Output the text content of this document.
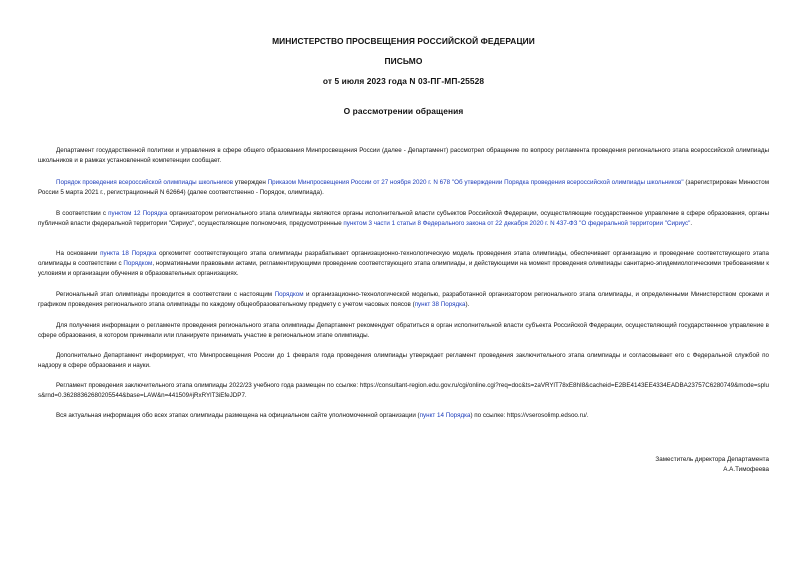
МИНИСТЕРСТВО ПРОСВЕЩЕНИЯ РОССИЙСКОЙ ФЕДЕРАЦИИ
ПИСЬМО
от 5 июля 2023 года N 03-ПГ-МП-25528
О рассмотрении обращения
Департамент государственной политики и управления в сфере общего образования Минпросвещения России (далее - Департамент) рассмотрел обращение по вопросу регламента проведения регионального этапа всероссийской олимпиады школьников и в рамках установленной компетенции сообщает.
Порядок проведения всероссийской олимпиады школьников утвержден Приказом Минпросвещения России от 27 ноября 2020 г. N 678 "Об утверждении Порядка проведения всероссийской олимпиады школьников" (зарегистрирован Минюстом России 5 марта 2021 г., регистрационный N 62664) (далее соответственно - Порядок, олимпиада).
В соответствии с пунктом 12 Порядка организатором регионального этапа олимпиады являются органы исполнительной власти субъектов Российской Федерации, осуществляющие государственное управление в сфере образования, органы публичной власти федеральной территории "Сириус", осуществляющие полномочия, предусмотренные пунктом 3 части 1 статьи 8 Федерального закона от 22 декабря 2020 г. N 437-ФЗ "О федеральной территории "Сириус".
На основании пункта 18 Порядка оргкомитет соответствующего этапа олимпиады разрабатывает организационно-технологическую модель проведения этапа олимпиады, обеспечивает организацию и проведение соответствующего этапа олимпиады в соответствии с Порядком, нормативными правовыми актами, регламентирующими проведение соответствующего этапа олимпиады, и действующими на момент проведения олимпиады санитарно-эпидемиологическими требованиями к условиям и организации обучения в образовательных организациях.
Региональный этап олимпиады проводится в соответствии с настоящим Порядком и организационно-технологической моделью, разработанной организатором регионального этапа олимпиады, и определенными Министерством сроками и графиком проведения регионального этапа олимпиады по каждому общеобразовательному предмету с учетом часовых поясов (пункт 38 Порядка).
Для получения информации о регламенте проведения регионального этапа олимпиады Департамент рекомендует обратиться в орган исполнительной власти субъекта Российской Федерации, осуществляющий государственное управление в сфере образования, в котором принимали или планируете принимать участие в региональном этапе олимпиады.
Дополнительно Департамент информирует, что Минпросвещения России до 1 февраля года проведения олимпиады утверждает регламент проведения заключительного этапа олимпиады и согласовывает его с Федеральной службой по надзору в сфере образования и науки.
Регламент проведения заключительного этапа олимпиады 2022/23 учебного года размещен по ссылке: https://consultant-region.edu.gov.ru/cgi/online.cgi?req=doc&ts=zaVRYlT78xE8hI8&cacheid=E2BE4143EE4334EADBA23757C6280749&mode=splus&rnd=0.36288362680205544&base=LAW&n=441509#jRxRYlT3iEfeJDP7.
Вся актуальная информация обо всех этапах олимпиады размещена на официальном сайте уполномоченной организации (пункт 14 Порядка) по ссылке: https://vserosolimp.edsoo.ru/.
Заместитель директора Департамента
А.А.Тимофеева
